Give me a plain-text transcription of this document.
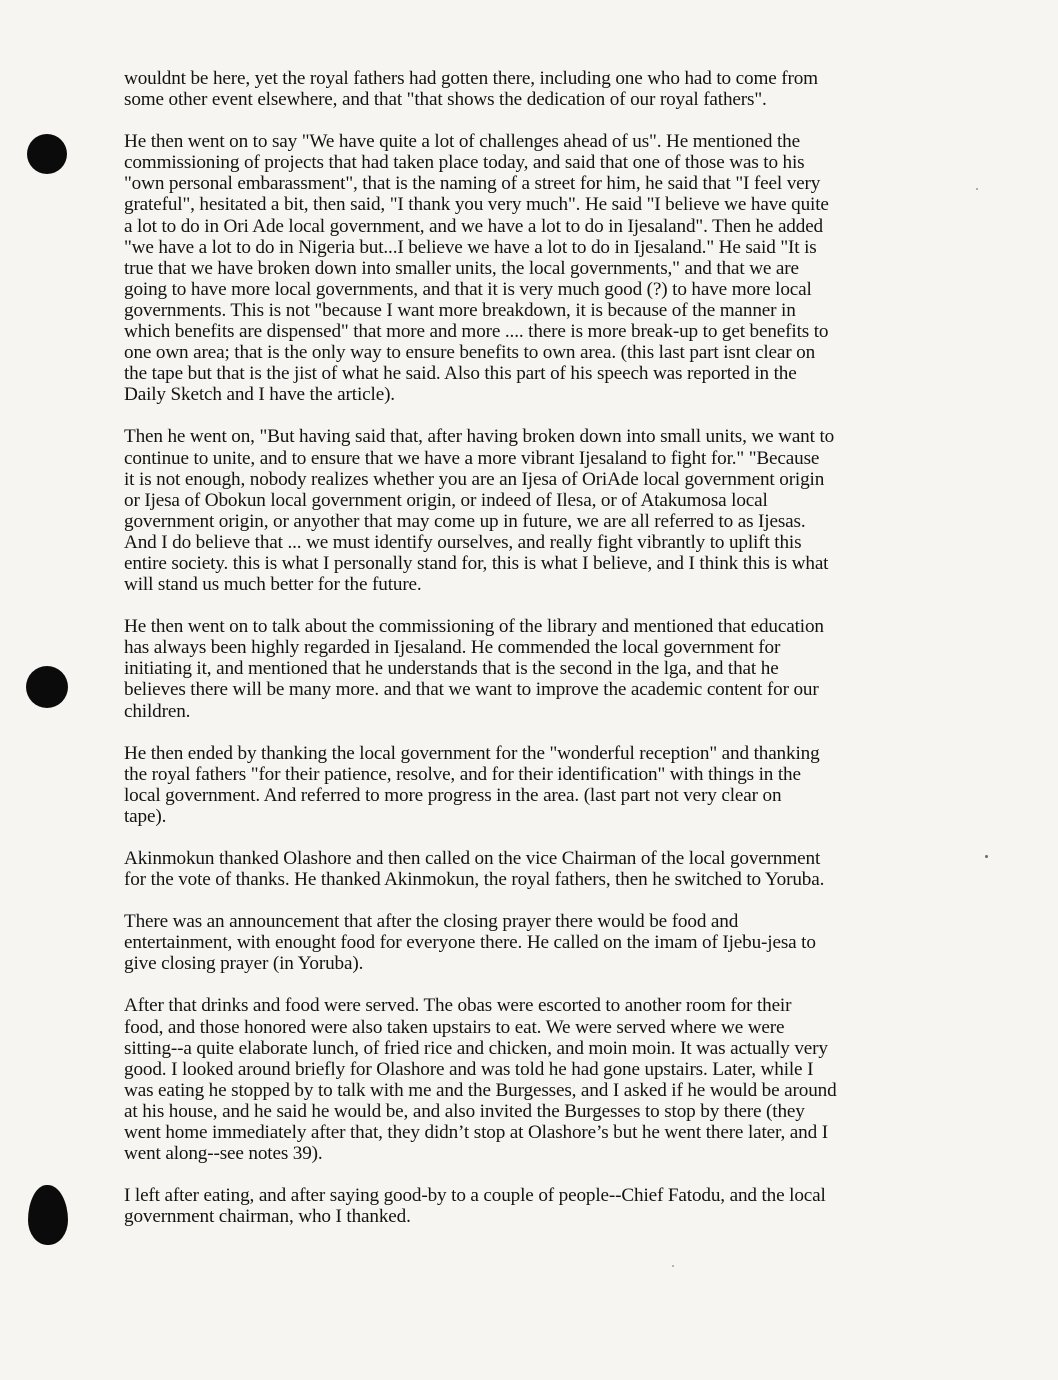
wouldnt be here, yet the royal fathers had gotten there, including one who had to come from
some other event elsewhere, and that "that shows the dedication of our royal fathers".
He then went on to say "We have quite a lot of challenges ahead of us". He mentioned the
commissioning of projects that had taken place today, and said that one of those was to his
"own personal embarassment", that is the naming of a street for him, he said that "I feel very
grateful", hesitated a bit, then said, "I thank you very much". He said "I believe we have quite
a lot to do in Ori Ade local government, and we have a lot to do in Ijesaland". Then he added
"we have a lot to do in Nigeria but...I believe we have a lot to do in Ijesaland." He said "It is
true that we have broken down into smaller units, the local governments," and that we are
going to have more local governments, and that it is very much good (?) to have more local
governments. This is not "because I want more breakdown, it is because of the manner in
which benefits are dispensed" that more and more .... there is more break-up to get benefits to
one own area; that is the only way to ensure benefits to own area. (this last part isnt clear on
the tape but that is the jist of what he said. Also this part of his speech was reported in the
Daily Sketch and I have the article).
Then he went on, "But having said that, after having broken down into small units, we want to
continue to unite, and to ensure that we have a more vibrant Ijesaland to fight for." "Because
it is not enough, nobody realizes whether you are an Ijesa of OriAde local government origin
or Ijesa of Obokun local government origin, or indeed of Ilesa, or of Atakumosa local
government origin, or anyother that may come up in future, we are all referred to as Ijesas.
And I do believe that ... we must identify ourselves, and really fight vibrantly to uplift this
entire society. this is what I personally stand for, this is what I believe, and I think this is what
will stand us much better for the future.
He then went on to talk about the commissioning of the library and mentioned that education
has always been highly regarded in Ijesaland. He commended the local government for
initiating it, and mentioned that he understands that is the second in the lga, and that he
believes there will be many more. and that we want to improve the academic content for our
children.
He then ended by thanking the local government for the "wonderful reception" and thanking
the royal fathers "for their patience, resolve, and for their identification" with things in the
local government. And referred to more progress in the area. (last part not very clear on
tape).
Akinmokun thanked Olashore and then called on the vice Chairman of the local government
for the vote of thanks. He thanked Akinmokun, the royal fathers, then he switched to Yoruba.
There was an announcement that after the closing prayer there would be food and
entertainment, with enought food for everyone there. He called on the imam of Ijebu-jesa to
give closing prayer (in Yoruba).
After that drinks and food were served. The obas were escorted to another room for their
food, and those honored were also taken upstairs to eat. We were served where we were
sitting--a quite elaborate lunch, of fried rice and chicken, and moin moin. It was actually very
good. I looked around briefly for Olashore and was told he had gone upstairs. Later, while I
was eating he stopped by to talk with me and the Burgesses, and I asked if he would be around
at his house, and he said he would be, and also invited the Burgesses to stop by there (they
went home immediately after that, they didn’t stop at Olashore’s but he went there later, and I
went along--see notes 39).
I left after eating, and after saying good-by to a couple of people--Chief Fatodu, and the local
government chairman, who I thanked.
